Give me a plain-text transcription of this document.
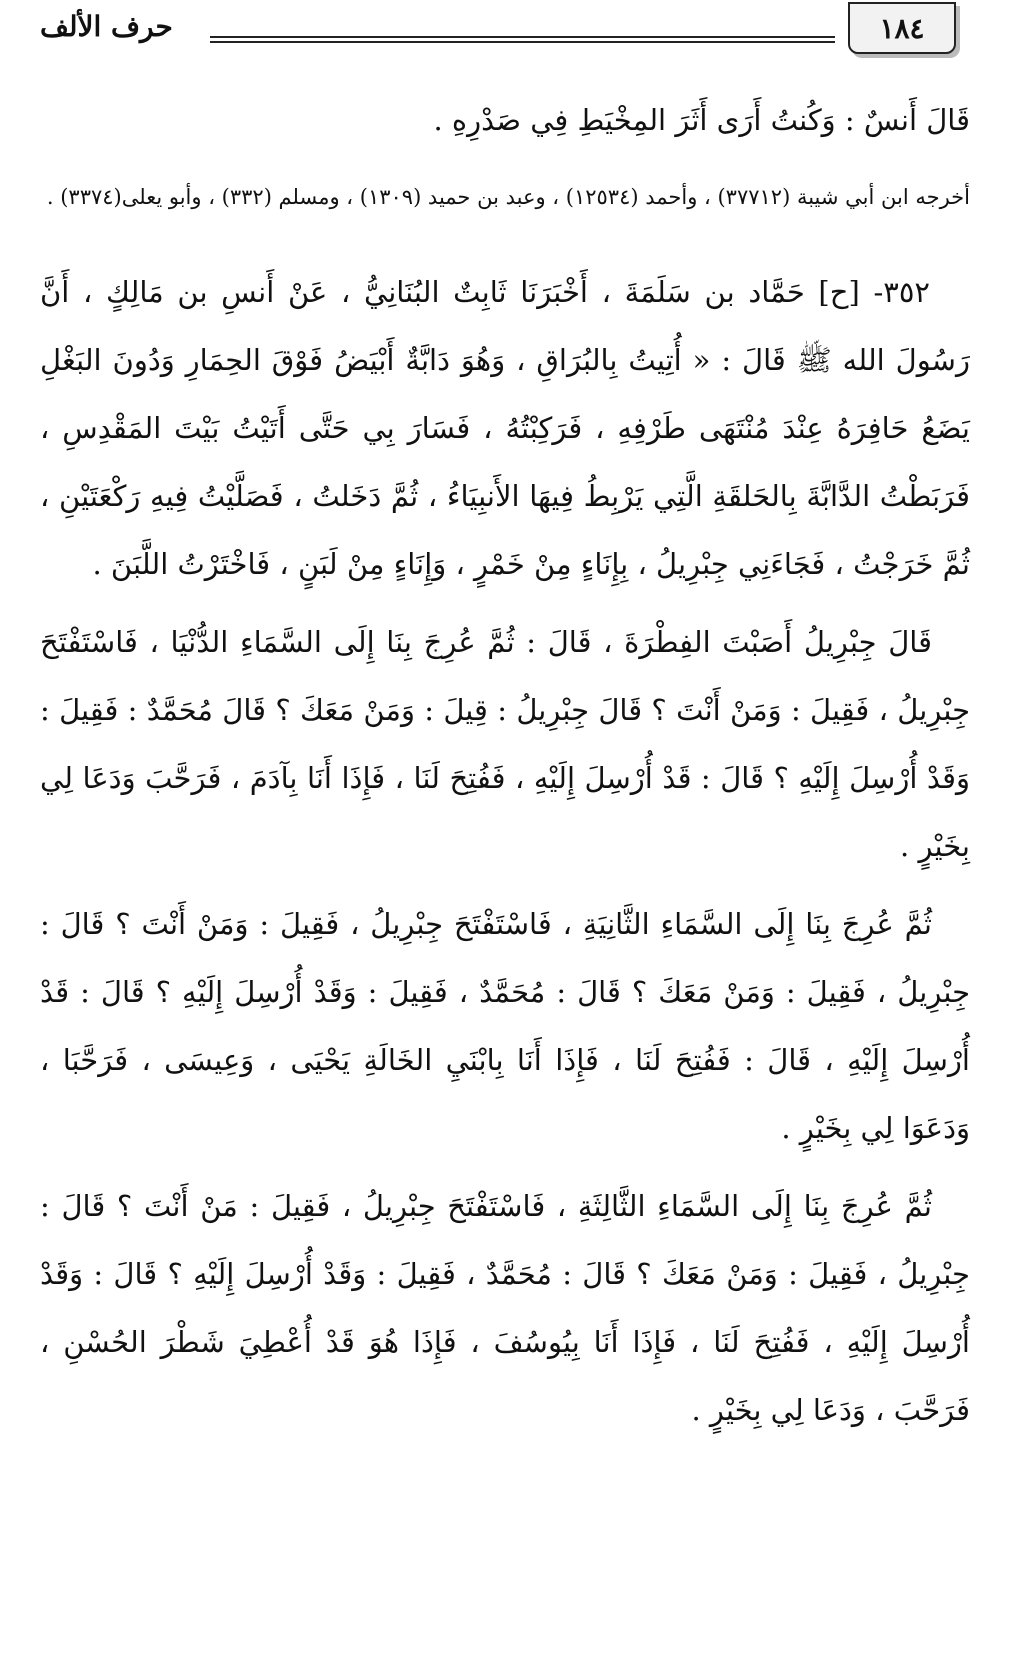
١٨٤
حرف الألف

قَالَ أَنسٌ : وَكُنتُ أَرَى أَثَرَ المِخْيَطِ فِي صَدْرِهِ .

أخرجه ابن أبي شيبة (٣٧٧١٢) ، وأحمد (١٢٥٣٤) ، وعبد بن حميد (١٣٠٩) ، ومسلم (٣٣٢) ، وأبو يعلى(٣٣٧٤) .

٣٥٢- [ح] حَمَّاد بن سَلَمَةَ ، أَخْبَرَنَا ثَابِتٌ البُنَانِيُّ ، عَنْ أَنسِ بن مَالِكٍ ، أَنَّ رَسُولَ الله ﷺ قَالَ : « أُتِيتُ بِالبُرَاقِ ، وَهُوَ دَابَّةٌ أَبْيَضُ فَوْقَ الحِمَارِ وَدُونَ البَغْلِ يَضَعُ حَافِرَهُ عِنْدَ مُنْتَهَى طَرْفِهِ ، فَرَكِبْتُهُ ، فَسَارَ بِي حَتَّى أَتَيْتُ بَيْتَ المَقْدِسِ ، فَرَبَطْتُ الدَّابَّةَ بِالحَلقَةِ الَّتِي يَرْبِطُ فِيهَا الأَنبِيَاءُ ، ثُمَّ دَخَلتُ ، فَصَلَّيْتُ فِيهِ رَكْعَتَيْنِ ، ثُمَّ خَرَجْتُ ، فَجَاءَنِي جِبْرِيلُ ، بِإِنَاءٍ مِنْ خَمْرٍ ، وَإِنَاءٍ مِنْ لَبَنٍ ، فَاخْتَرْتُ اللَّبَنَ .

قَالَ جِبْرِيلُ أَصَبْتَ الفِطْرَةَ ، قَالَ : ثُمَّ عُرِجَ بِنَا إِلَى السَّمَاءِ الدُّنْيَا ، فَاسْتَفْتَحَ جِبْرِيلُ ، فَقِيلَ : وَمَنْ أَنْتَ ؟ قَالَ جِبْرِيلُ : قِيلَ : وَمَنْ مَعَكَ ؟ قَالَ مُحَمَّدٌ : فَقِيلَ : وَقَدْ أُرْسِلَ إِلَيْهِ ؟ قَالَ : قَدْ أُرْسِلَ إِلَيْهِ ، فَفُتِحَ لَنَا ، فَإِذَا أَنَا بِآدَمَ ، فَرَحَّبَ وَدَعَا لِي بِخَيْرٍ .

ثُمَّ عُرِجَ بِنَا إِلَى السَّمَاءِ الثَّانِيَةِ ، فَاسْتَفْتَحَ جِبْرِيلُ ، فَقِيلَ : وَمَنْ أَنْتَ ؟ قَالَ : جِبْرِيلُ ، فَقِيلَ : وَمَنْ مَعَكَ ؟ قَالَ : مُحَمَّدٌ ، فَقِيلَ : وَقَدْ أُرْسِلَ إِلَيْهِ ؟ قَالَ : قَدْ أُرْسِلَ إِلَيْهِ ، قَالَ : فَفُتِحَ لَنَا ، فَإِذَا أَنَا بِابْنَيِ الخَالَةِ يَحْيَى ، وَعِيسَى ، فَرَحَّبَا ، وَدَعَوَا لِي بِخَيْرٍ .

ثُمَّ عُرِجَ بِنَا إِلَى السَّمَاءِ الثَّالِثَةِ ، فَاسْتَفْتَحَ جِبْرِيلُ ، فَقِيلَ : مَنْ أَنْتَ ؟ قَالَ : جِبْرِيلُ ، فَقِيلَ : وَمَنْ مَعَكَ ؟ قَالَ : مُحَمَّدٌ ، فَقِيلَ : وَقَدْ أُرْسِلَ إِلَيْهِ ؟ قَالَ : وَقَدْ أُرْسِلَ إِلَيْهِ ، فَفُتِحَ لَنَا ، فَإِذَا أَنَا بِيُوسُفَ ، فَإِذَا هُوَ قَدْ أُعْطِيَ شَطْرَ الحُسْنِ ، فَرَحَّبَ ، وَدَعَا لِي بِخَيْرٍ .
